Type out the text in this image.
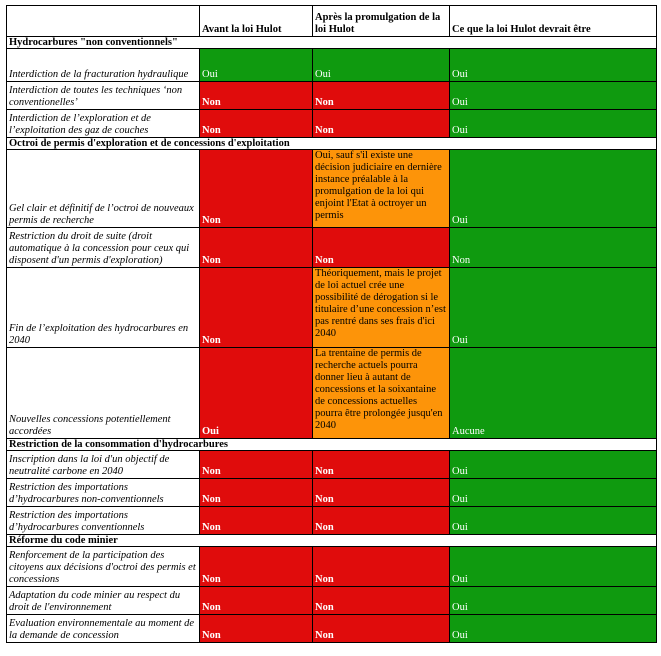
	Avant la loi Hulot	Après la promulgation de la loi Hulot	Ce que la loi Hulot devrait être
Hydrocarbures "non conventionnels"			
Interdiction de la fracturation hydraulique	Oui	Oui	Oui
Interdiction de toutes les techniques ‘non conventionelles’	Non	Non	Oui
Interdiction de l’exploration et de l’exploitation des gaz de couches	Non	Non	Oui
Octroi de permis d'exploration et de concessions d'exploitation			
Gel clair et définitif de l’octroi de nouveaux permis de recherche	Non	Oui, sauf s'il existe une décision judiciaire en dernière instance préalable à la promulgation de la loi qui enjoint l'Etat à octroyer un permis	Oui
Restriction du droit de suite (droit automatique à la concession pour ceux qui disposent d'un permis d'exploration)	Non	Non	Non
Fin de l’exploitation des hydrocarbures en 2040	Non	Théoriquement, mais le projet de loi actuel crée une possibilité de dérogation si le titulaire d’une concession n’est pas rentré dans ses frais d'ici 2040	Oui
Nouvelles concessions potentiellement accordées	Oui	La trentaine de permis de recherche actuels pourra donner lieu à autant de concessions et la soixantaine de concessions actuelles pourra être prolongée jusqu'en 2040	Aucune
Restriction de la consommation d'hydrocarbures			
Inscription dans la loi d'un objectif de neutralité carbone en 2040	Non	Non	Oui
Restriction des importations d’hydrocarbures non-conventionnels	Non	Non	Oui
Restriction des importations d’hydrocarbures conventionnels	Non	Non	Oui
Réforme du code minier			
Renforcement de la participation des citoyens aux décisions d'octroi des permis et concessions	Non	Non	Oui
Adaptation du code minier au respect du droit de l'environnement	Non	Non	Oui
Evaluation environnementale au moment de la demande de concession	Non	Non	Oui
